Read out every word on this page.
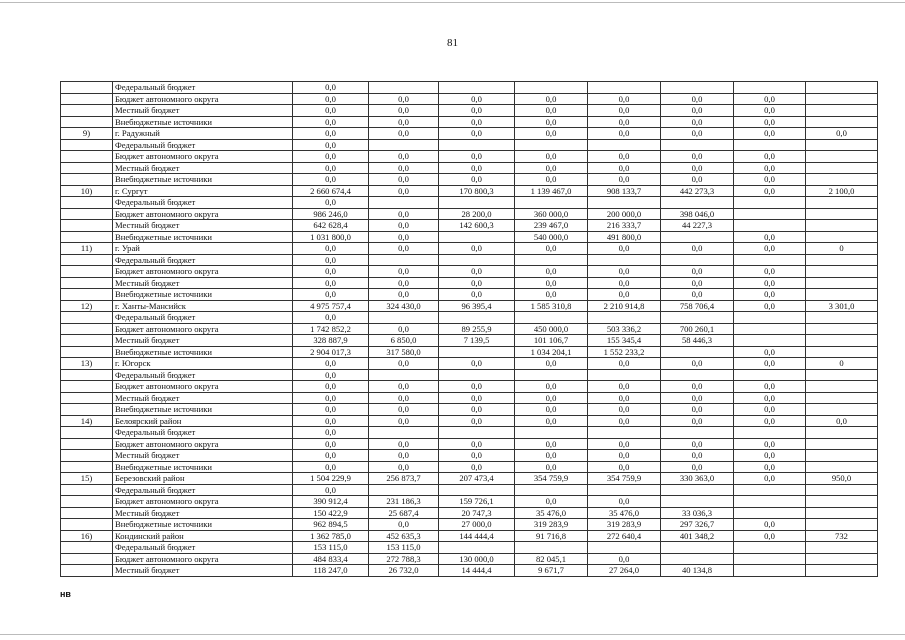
81
	Федеральный бюджет	0,0							
	Бюджет автономного округа	0,0	0,0	0,0	0,0	0,0	0,0	0,0	
	Местный бюджет	0,0	0,0	0,0	0,0	0,0	0,0	0,0	
	Внебюджетные источники	0,0	0,0	0,0	0,0	0,0	0,0	0,0	
9)	г. Радужный	0,0	0,0	0,0	0,0	0,0	0,0	0,0	0,0
	Федеральный бюджет	0,0							
	Бюджет автономного округа	0,0	0,0	0,0	0,0	0,0	0,0	0,0	
	Местный бюджет	0,0	0,0	0,0	0,0	0,0	0,0	0,0	
	Внебюджетные источники	0,0	0,0	0,0	0,0	0,0	0,0	0,0	
10)	г. Сургут	2 660 674,4	0,0	170 800,3	1 139 467,0	908 133,7	442 273,3	0,0	2 100,0
	Федеральный бюджет	0,0							
	Бюджет автономного округа	986 246,0	0,0	28 200,0	360 000,0	200 000,0	398 046,0		
	Местный бюджет	642 628,4	0,0	142 600,3	239 467,0	216 333,7	44 227,3		
	Внебюджетные источники	1 031 800,0	0,0		540 000,0	491 800,0		0,0	
11)	г. Урай	0,0	0,0	0,0	0,0	0,0	0,0	0,0	0
	Федеральный бюджет	0,0							
	Бюджет автономного округа	0,0	0,0	0,0	0,0	0,0	0,0	0,0	
	Местный бюджет	0,0	0,0	0,0	0,0	0,0	0,0	0,0	
	Внебюджетные источники	0,0	0,0	0,0	0,0	0,0	0,0	0,0	
12)	г. Ханты-Мансийск	4 975 757,4	324 430,0	96 395,4	1 585 310,8	2 210 914,8	758 706,4	0,0	3 301,0
	Федеральный бюджет	0,0							
	Бюджет автономного округа	1 742 852,2	0,0	89 255,9	450 000,0	503 336,2	700 260,1		
	Местный бюджет	328 887,9	6 850,0	7 139,5	101 106,7	155 345,4	58 446,3		
	Внебюджетные источники	2 904 017,3	317 580,0		1 034 204,1	1 552 233,2		0,0	
13)	г. Югорск	0,0	0,0	0,0	0,0	0,0	0,0	0,0	0
	Федеральный бюджет	0,0							
	Бюджет автономного округа	0,0	0,0	0,0	0,0	0,0	0,0	0,0	
	Местный бюджет	0,0	0,0	0,0	0,0	0,0	0,0	0,0	
	Внебюджетные источники	0,0	0,0	0,0	0,0	0,0	0,0	0,0	
14)	Белоярский район	0,0	0,0	0,0	0,0	0,0	0,0	0,0	0,0
	Федеральный бюджет	0,0							
	Бюджет автономного округа	0,0	0,0	0,0	0,0	0,0	0,0	0,0	
	Местный бюджет	0,0	0,0	0,0	0,0	0,0	0,0	0,0	
	Внебюджетные источники	0,0	0,0	0,0	0,0	0,0	0,0	0,0	
15)	Березовский район	1 504 229,9	256 873,7	207 473,4	354 759,9	354 759,9	330 363,0	0,0	950,0
	Федеральный бюджет	0,0							
	Бюджет автономного округа	390 912,4	231 186,3	159 726,1	0,0	0,0			
	Местный бюджет	150 422,9	25 687,4	20 747,3	35 476,0	35 476,0	33 036,3		
	Внебюджетные источники	962 894,5	0,0	27 000,0	319 283,9	319 283,9	297 326,7	0,0	
16)	Кондинский район	1 362 785,0	452 635,3	144 444,4	91 716,8	272 640,4	401 348,2	0,0	732
	Федеральный бюджет	153 115,0	153 115,0						
	Бюджет автономного округа	484 833,4	272 788,3	130 000,0	82 045,1	0,0			
	Местный бюджет	118 247,0	26 732,0	14 444,4	9 671,7	27 264,0	40 134,8		
нв
